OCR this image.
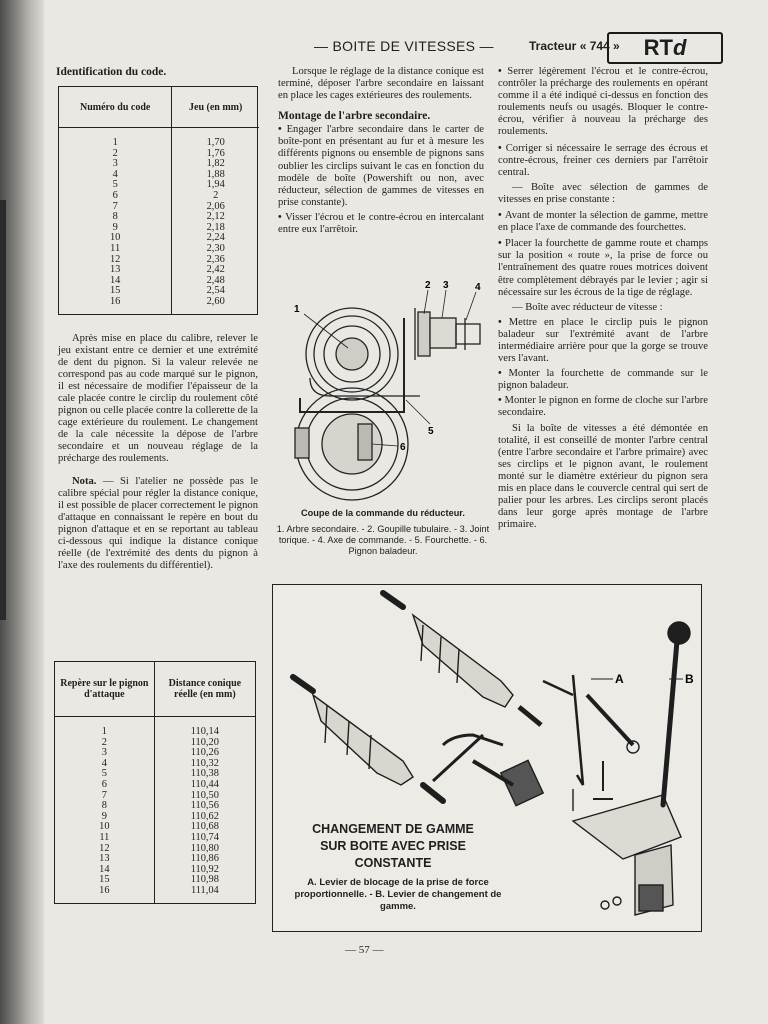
— BOITE DE VITESSES —	Tracteur « 744 »	RTd
Identification du code.
Numéro du code	Jeu (en mm)
1	1,70
2	1,76
3	1,82
4	1,88
5	1,94
6	2
7	2,06
8	2,12
9	2,18
10	2,24
11	2,30
12	2,36
13	2,42
14	2,48
15	2,54
16	2,60
Après mise en place du calibre, relever le jeu existant entre ce dernier et une extrémité de dent du pignon. Si la valeur relevée ne correspond pas au code marqué sur le pignon, il est nécessaire de modifier l'épaisseur de la cale placée contre le circlip du roulement côté pignon ou celle placée contre la collerette de la cage extérieure du roulement. Le changement de la cale nécessite la dépose de l'arbre secondaire et un nouveau réglage de la précharge des roulements.
Nota. — Si l'atelier ne possède pas le calibre spécial pour régler la distance conique, il est possible de placer correctement le pignon d'attaque en connaissant le repère en bout du pignon d'attaque et en se reportant au tableau ci-dessous qui indique la distance conique réelle (de l'extrémité des dents du pignon à l'axe des roulements du différentiel).
Repère sur le pignon d'attaque	Distance conique réelle (en mm)
1	110,14
2	110,20
3	110,26
4	110,32
5	110,38
6	110,44
7	110,50
8	110,56
9	110,62
10	110,68
11	110,74
12	110,80
13	110,86
14	110,92
15	110,98
16	111,04
Lorsque le réglage de la distance conique est terminé, déposer l'arbre secondaire en laissant en place les cages extérieures des roulements.
Montage de l'arbre secondaire.
• Engager l'arbre secondaire dans le carter de boîte-pont en présentant au fur et à mesure les différents pignons ou ensemble de pignons sans oublier les circlips suivant le cas en fonction du modèle de boîte (Powershift ou non, avec réducteur, sélection de gammes de vitesses en prise constante).
• Visser l'écrou et le contre-écrou en intercalant entre eux l'arrêtoir.
1
2 3	4
5
6
Coupe de la commande du réducteur.
1. Arbre secondaire. - 2. Goupille tubulaire. - 3. Joint torique. - 4. Axe de commande. - 5. Fourchette. - 6. Pignon baladeur.
• Serrer légèrement l'écrou et le contre-écrou, contrôler la précharge des roulements en opérant comme il a été indiqué ci-dessus en fonction des roulements neufs ou usagés. Bloquer le contre-écrou, vérifier à nouveau la précharge des roulements.
• Corriger si nécessaire le serrage des écrous et contre-écrous, freiner ces derniers par l'arrêtoir central.
— Boîte avec sélection de gammes de vitesses en prise constante :
• Avant de monter la sélection de gamme, mettre en place l'axe de commande des fourchettes.
• Placer la fourchette de gamme route et champs sur la position « route », la prise de force ou l'entraînement des quatre roues motrices doivent être complètement débrayés par le levier ; agir si nécessaire sur les écrous de la tige de réglage.
— Boîte avec réducteur de vitesse :
• Mettre en place le circlip puis le pignon baladeur sur l'extrémité avant de l'arbre intermédiaire arrière pour que la gorge se trouve vers l'avant.
• Monter la fourchette de commande sur le pignon baladeur.
• Monter le pignon en forme de cloche sur l'arbre secondaire.
Si la boîte de vitesses a été démontée en totalité, il est conseillé de monter l'arbre central (entre l'arbre secondaire et l'arbre primaire) avec ses circlips et le pignon avant, le roulement monté sur le diamètre extérieur du pignon sera mis en place dans le couvercle central qui sert de palier pour les arbres. Les circlips seront placés dans leur gorge après montage de l'arbre primaire.
A	B
CHANGEMENT DE GAMME
SUR BOITE AVEC PRISE
CONSTANTE
A. Levier de blocage de la prise de force proportionnelle. - B. Levier de changement de gamme.
— 57 —
